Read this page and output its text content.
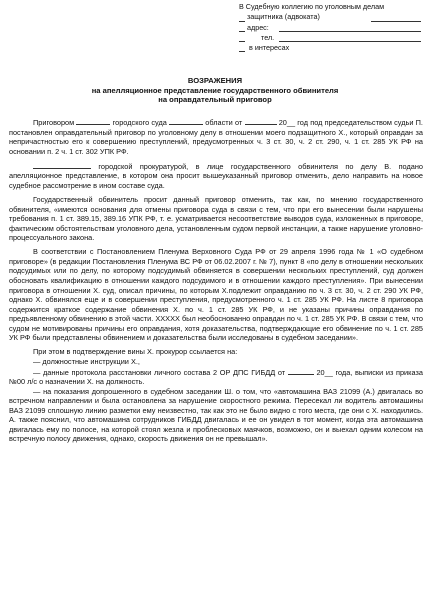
В Судебную коллегию по уголовным делам
защитника (адвоката)
адрес:
тел.
в интересах
ВОЗРАЖЕНИЯ
на апелляционное представление государственного обвинителя
на оправдательный приговор

Приговором	городского суда	области от	20__ год под председательством судьи П. постановлен оправдательный приговор по уголовному делу в отношении моего подзащитного Х., который оправдан за непричастностью его к совершению преступлений, предусмотренных ч. 3 ст. 30, ч. 2 ст. 290, ч. 1 ст. 285 УК РФ на основании п. 2 ч. 1 ст. 302 УПК РФ.

городской прокуратурой, в лице государственного обвинителя по делу В. подано апелляционное представление, в котором она просит вышеуказанный приговор отменить, дело направить на новое судебное рассмотрение в ином составе суда.

Государственный обвинитель просит данный приговор отменить, так как, по мнению государственного обвинителя, «имеются основания для отмены приговора суда в связи с тем, что при его вынесении были нарушены требования п. 1 ст. 389.15, 389.16 УПК РФ, т. е. усматривается несоответствие выводов суда, изложенных в приговоре, фактическим обстоятельствам уголовного дела, установленным судом первой инстанции, а также нарушение уголовно-процессуального закона.

В соответствии с Постановлением Пленума Верховного Суда РФ от 29 апреля 1996 года № 1 «О судебном приговоре» (в редакции Постановления Пленума ВС РФ от 06.02.2007 г. № 7), пункт 8 «по делу в отношении нескольких подсудимых или по делу, по которому подсудимый обвиняется в совершении нескольких преступлений, суд должен обосновать квалификацию в отношении каждого подсудимого и в отношении каждого преступления». При вынесении приговора в отношении Х. суд, описал причины, по которым Х.подлежит оправданию по ч. 3 ст. 30, ч. 2 ст. 290 УК РФ, однако Х. обвинялся еще и в совершении преступления, предусмотренного ч. 1 ст. 285 УК РФ. На листе 8 приговора содержится краткое содержание обвинения Х. по ч. 1 ст. 285 УК РФ, и не указаны причины оправдания по предъявленному обвинению в этой части. ХХХХХ был необоснованно оправдан по ч. 1 ст. 285 УК РФ. В связи с тем, что судом не мотивированы причины его оправдания, хотя доказательства, подтверждающие его обвинение по ч. 1 ст. 285 УК РФ были представлены обвинением и доказательства были исследованы в судебном заседании».

При этом в подтверждение вины Х. прокурор ссылается на:

— должностные инструкции Х.,
— данные протокола расстановки личного состава 2 ОР ДПС ГИБДД от	20__ года, выписки из приказа №00 л/с о назначении Х. на должность.

— на показания допрошенного в судебном заседании Ш. о том, что «автомашина ВАЗ 21099 (А.) двигалась во встречном направлении и была остановлена за нарушение скоростного режима. Пересекал ли водитель автомашины ВАЗ 21099 сплошную линию разметки ему неизвестно, так как это не было видно с того места, где они с Х. находились. А. также пояснил, что автомашина сотрудников ГИБДД двигалась и ее он увидел в тот момент, когда эта автомашина двигалась ему по полосе, на которой стоял жезла и проблесковых маячков, возможно, он и выехал одним колесом на встречную полосу движения, однако, скорость движения он не превышал».
